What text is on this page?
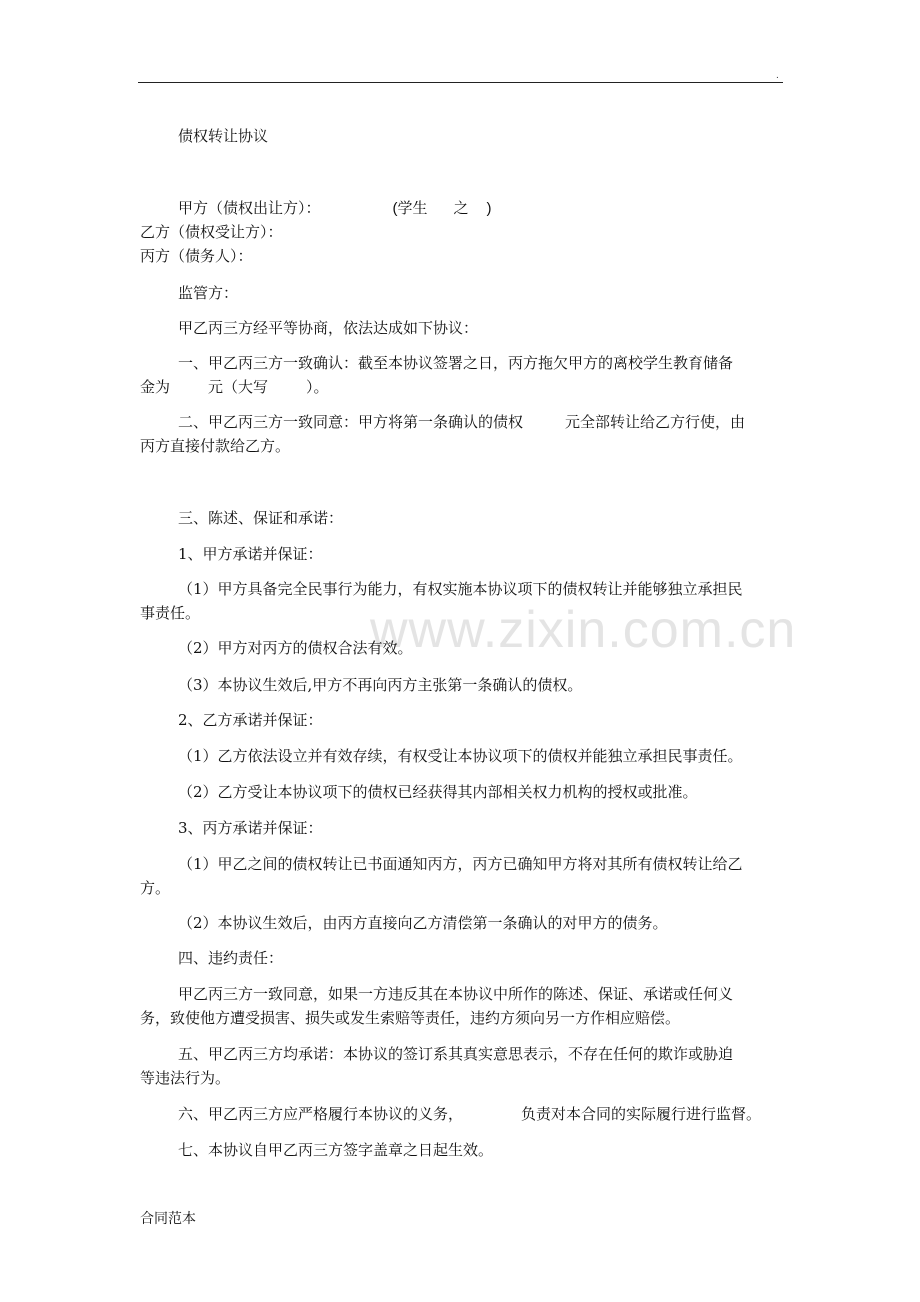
.
www.zixin.com.cn
债权转让协议
甲方（债权出让方）：	(学生 之 )
乙方（债权受让方）：
丙方（债务人）：
监管方：
甲乙丙三方经平等协商，依法达成如下协议：
一、甲乙丙三方一致确认：截至本协议签署之日，丙方拖欠甲方的离校学生教育储备
金为	元（大写	）。
二、甲乙丙三方一致同意：甲方将第一条确认的债权	元全部转让给乙方行使，由
丙方直接付款给乙方。
三、陈述、保证和承诺：
1、甲方承诺并保证：
（1）甲方具备完全民事行为能力，有权实施本协议项下的债权转让并能够独立承担民
事责任。
（2）甲方对丙方的债权合法有效。
（3）本协议生效后,甲方不再向丙方主张第一条确认的债权。
2、乙方承诺并保证：
（1）乙方依法设立并有效存续，有权受让本协议项下的债权并能独立承担民事责任。
（2）乙方受让本协议项下的债权已经获得其内部相关权力机构的授权或批准。
3、丙方承诺并保证：
（1）甲乙之间的债权转让已书面通知丙方，丙方已确知甲方将对其所有债权转让给乙
方。
（2）本协议生效后，由丙方直接向乙方清偿第一条确认的对甲方的债务。
四、违约责任：
甲乙丙三方一致同意，如果一方违反其在本协议中所作的陈述、保证、承诺或任何义
务，致使他方遭受损害、损失或发生索赔等责任，违约方须向另一方作相应赔偿。
五、甲乙丙三方均承诺：本协议的签订系其真实意思表示，不存在任何的欺诈或胁迫
等违法行为。
六、甲乙丙三方应严格履行本协议的义务，	负责对本合同的实际履行进行监督。
七、本协议自甲乙丙三方签字盖章之日起生效。
合同范本
